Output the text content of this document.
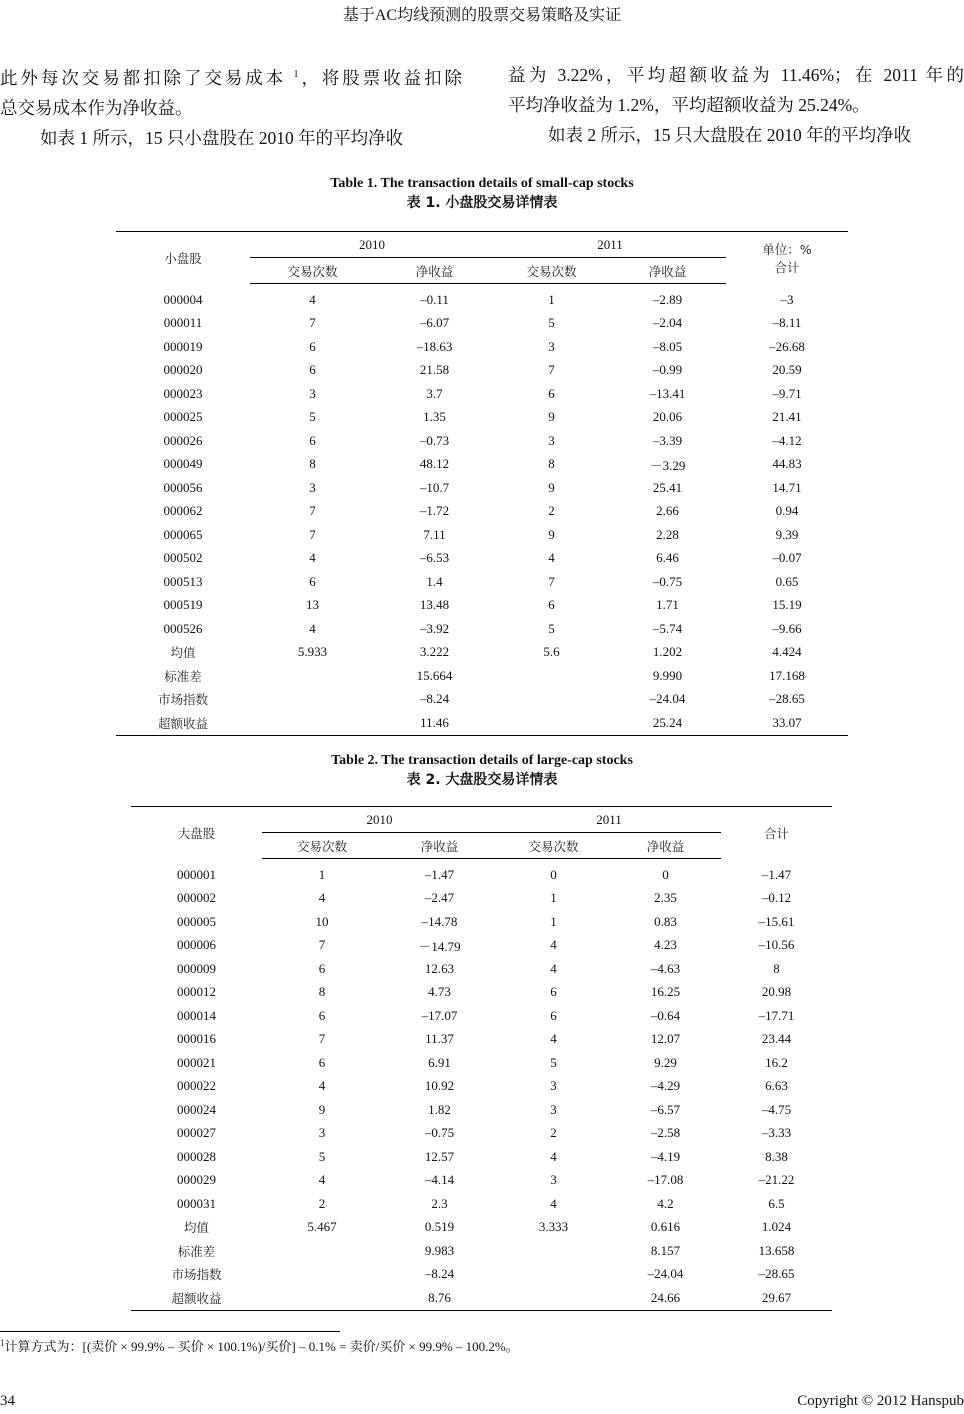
基于AC均线预测的股票交易策略及实证

此外每次交易都扣除了交易成本 $^1$，将股票收益扣除

总交易成本作为净收益。

如表 1 所示，15 只小盘股在 2010 年的平均净收

益为 3.22%，平均超额收益为 11.46%；在 2011 年的

平均净收益为 1.2%，平均超额收益为 25.24%。

如表 2 所示，15 只大盘股在 2010 年的平均净收

Table 1. The transaction details of small-cap stocks
表 1. 小盘股交易详情表
小盘股	2010		2011		单位：%
合计

	交易次数	净收益	交易次数	净收益	
000004	4	–0.11	1	–2.89	–3
000011	7	–6.07	5	–2.04	–8.11
000019	6	–18.63	3	–8.05	–26.68
000020	6	21.58	7	–0.99	20.59
000023	3	3.7	6	–13.41	–9.71
000025	5	1.35	9	20.06	21.41
000026	6	–0.73	3	–3.39	–4.12
000049	8	48.12	8	－3.29	44.83
000056	3	–10.7	9	25.41	14.71
000062	7	–1.72	2	2.66	0.94
000065	7	7.11	9	2.28	9.39
000502	4	–6.53	4	6.46	–0.07
000513	6	1.4	7	–0.75	0.65
000519	13	13.48	6	1.71	15.19
000526	4	–3.92	5	–5.74	–9.66
均值	5.933	3.222	5.6	1.202	4.424
标准差		15.664		9.990	17.168
市场指数		–8.24		–24.04	–28.65
超额收益		11.46		25.24	33.07
Table 2. The transaction details of large-cap stocks
表 2. 大盘股交易详情表
大盘股	2010		2011		合计
	交易次数	净收益	交易次数	净收益	
000001	1	–1.47	0	0	–1.47
000002	4	–2.47	1	2.35	–0.12
000005	10	–14.78	1	0.83	–15.61
000006	7	－14.79	4	4.23	–10.56
000009	6	12.63	4	–4.63	8
000012	8	4.73	6	16.25	20.98
000014	6	–17.07	6	–0.64	–17.71
000016	7	11.37	4	12.07	23.44
000021	6	6.91	5	9.29	16.2
000022	4	10.92	3	–4.29	6.63
000024	9	1.82	3	–6.57	–4.75
000027	3	–0.75	2	–2.58	–3.33
000028	5	12.57	4	–4.19	8.38
000029	4	–4.14	3	–17.08	–21.22
000031	2	2.3	4	4.2	6.5
均值	5.467	0.519	3.333	0.616	1.024
标准差		9.983		8.157	13.658
市场指数		–8.24		–24.04	–28.65
超额收益		8.76		24.66	29.67
$^1$计算方式为：[(卖价 × 99.9% – 买价 × 100.1%)/买价] – 0.1% = 卖价/买价 × 99.9% – 100.2%。
34	Copyright © 2012 Hanspub
